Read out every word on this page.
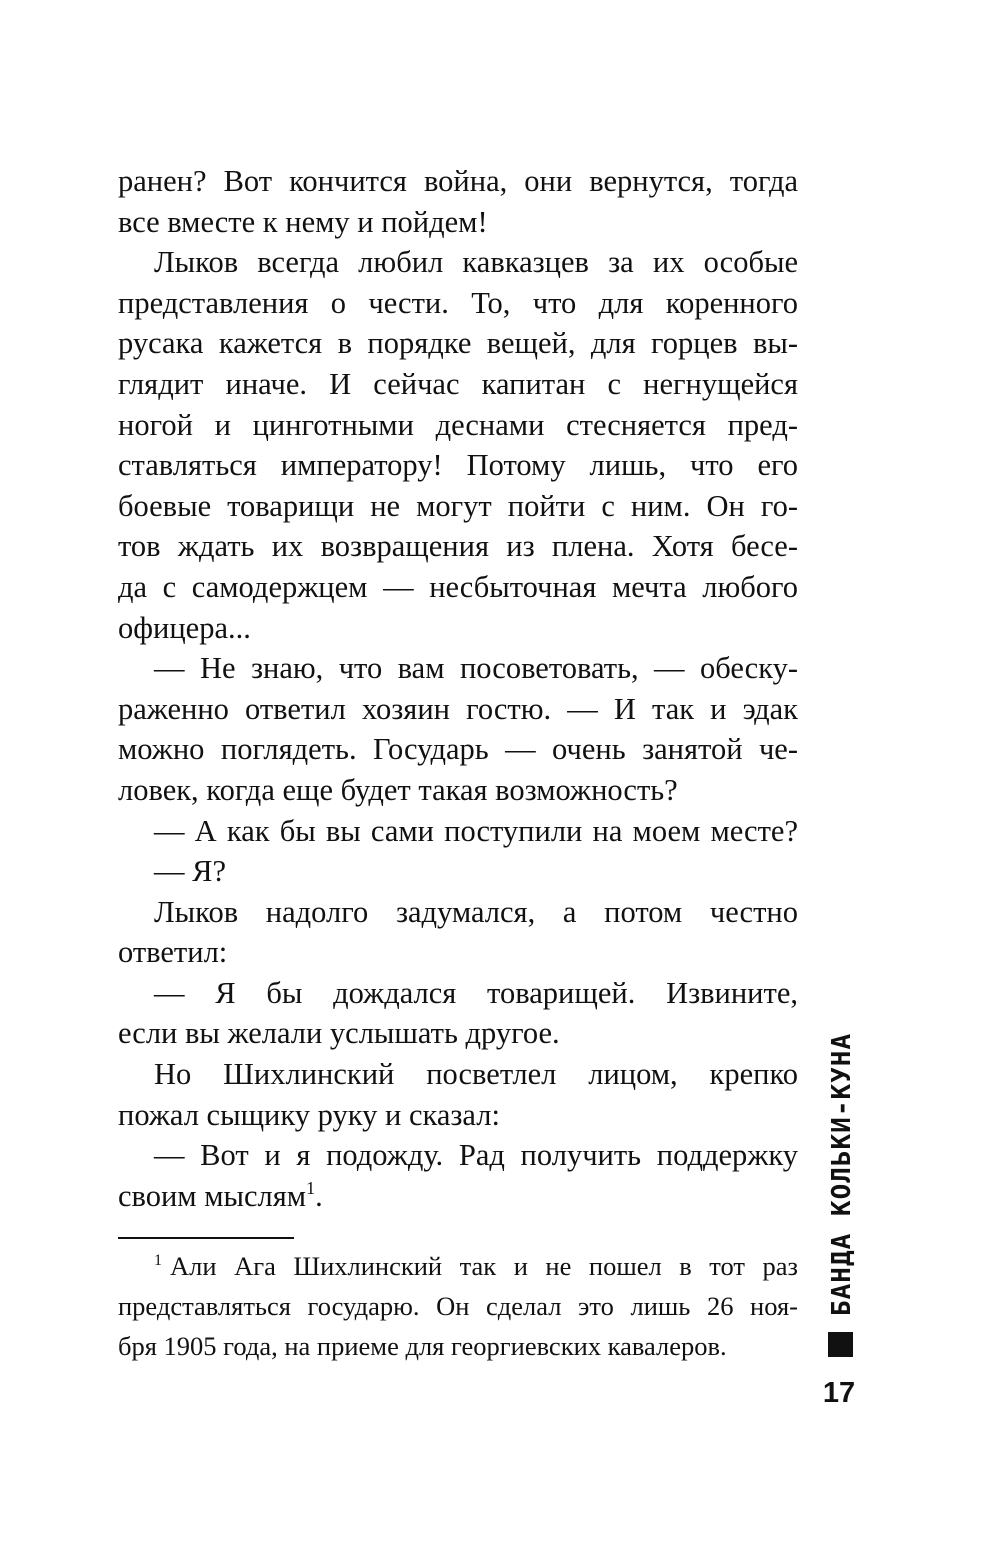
ранен? Вот кончится война, они вернутся, тогда
все вместе к нему и пойдем!
Лыков всегда любил кавказцев за их особые
представления о чести. То, что для коренного
русака кажется в порядке вещей, для горцев вы-
глядит иначе. И сейчас капитан с негнущейся
ногой и цинготными деснами стесняется пред-
ставляться императору! Потому лишь, что его
боевые товарищи не могут пойти с ним. Он го-
тов ждать их возвращения из плена. Хотя бесе-
да с самодержцем — несбыточная мечта любого
офицера...
— Не знаю, что вам посоветовать, — обеску-
раженно ответил хозяин гостю. — И так и эдак
можно поглядеть. Государь — очень занятой че-
ловек, когда еще будет такая возможность?
— А как бы вы сами поступили на моем месте?
— Я?
Лыков надолго задумался, а потом честно
ответил:
— Я бы дождался товарищей. Извините,
если вы желали услышать другое.
Но Шихлинский посветлел лицом, крепко
пожал сыщику руку и сказал:
— Вот и я подожду. Рад получить поддержку
своим мыслям$^1$.
$^1$ Али Ага Шихлинский так и не пошел в тот раз
представляться государю. Он сделал это лишь 26 ноя-
бря 1905 года, на приеме для георгиевских кавалеров.
БАНДА КОЛЬКИ-КУНА
17
